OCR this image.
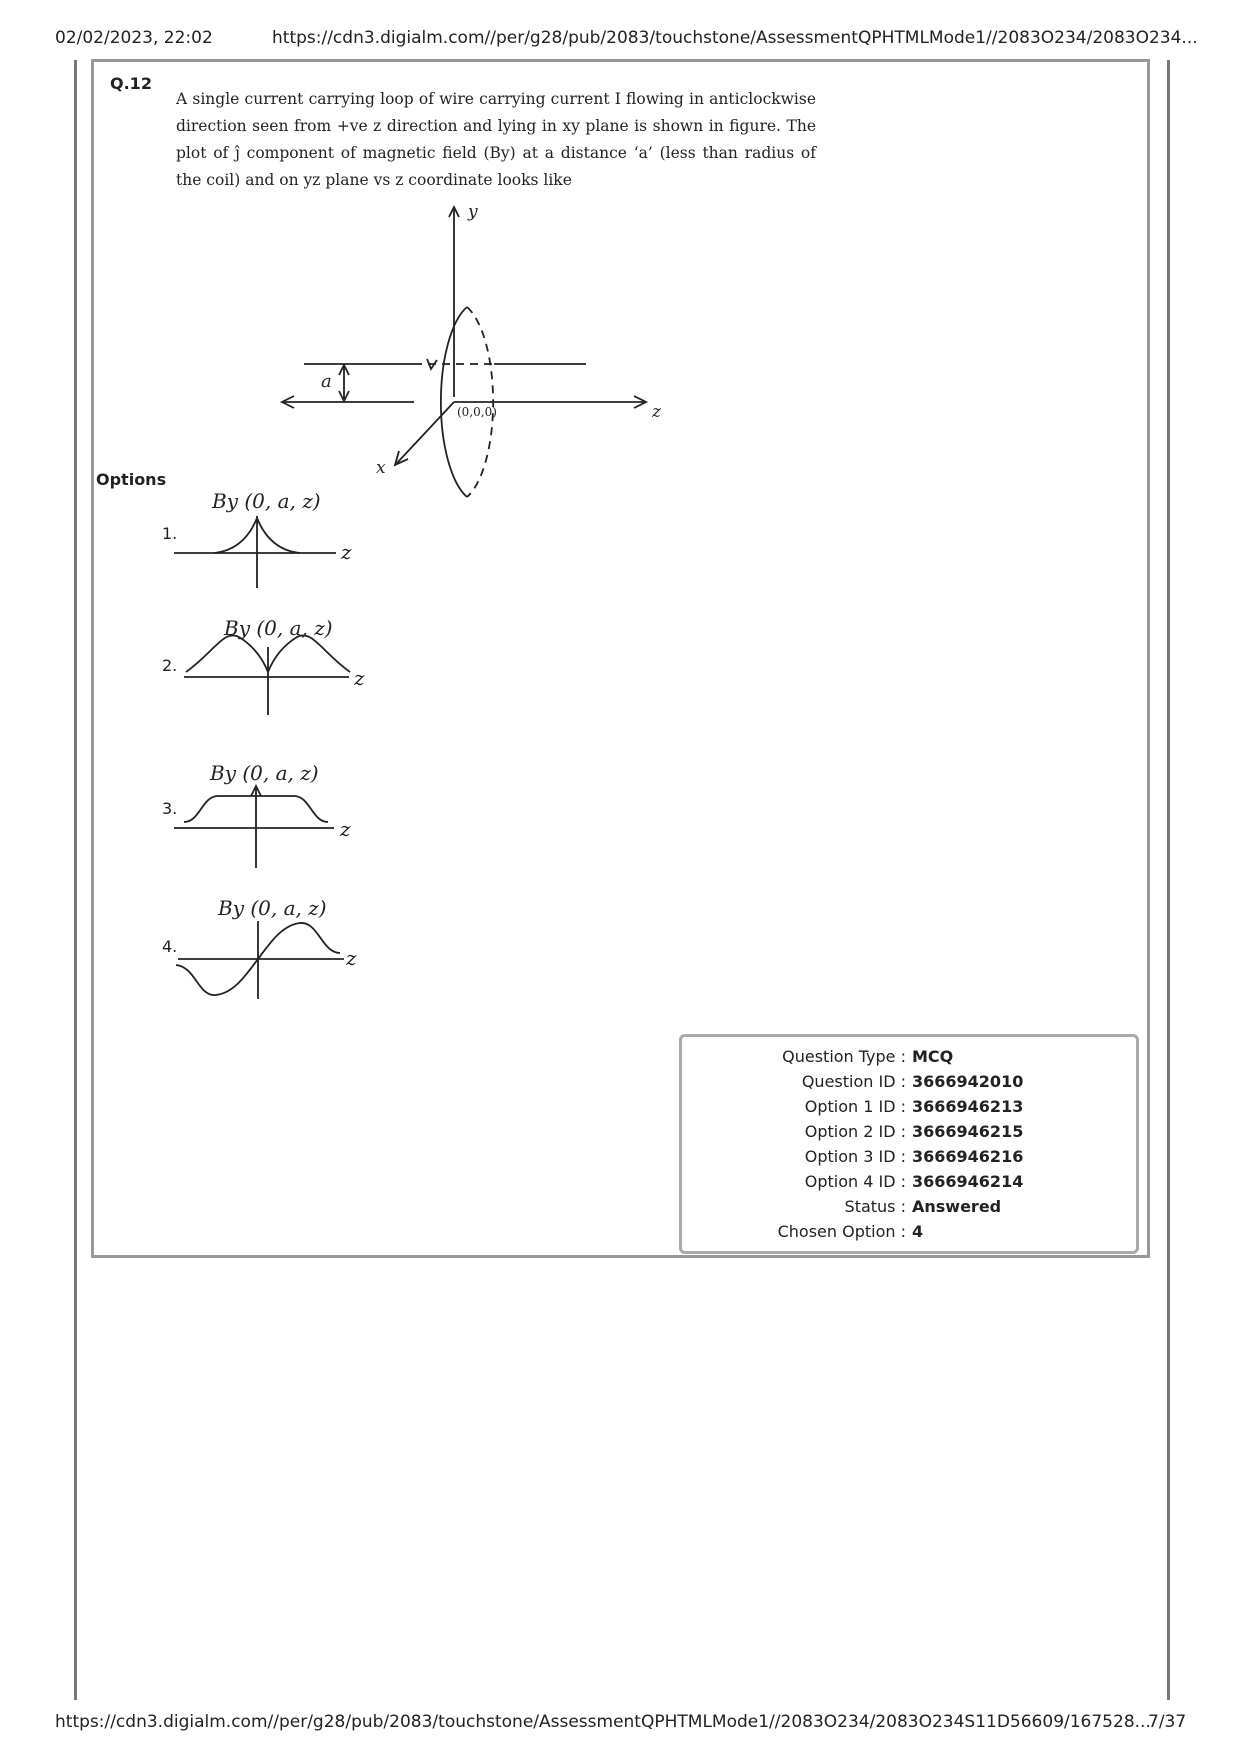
02/02/2023, 22:02	https://cdn3.digialm.com//per/g28/pub/2083/touchstone/AssessmentQPHTMLMode1//2083O234/2083O234...
Q.12
A single current carrying loop of wire carrying current I flowing in anticlockwise direction seen from +ve z direction and lying in xy plane is shown in figure. The plot of ĵ component of magnetic field (By) at a distance ‘a’ (less than radius of the coil) and on yz plane vs z coordinate looks like
y
z
x
a
(0,0,0)
Options
1.
By (0, a, z)
z
2.
By (0, a, z)
z
3.
By (0, a, z)
z
4.
By (0, a, z)
z
Question Type : MCQ
Question ID : 3666942010
Option 1 ID : 3666946213
Option 2 ID : 3666946215
Option 3 ID : 3666946216
Option 4 ID : 3666946214
Status : Answered
Chosen Option : 4
https://cdn3.digialm.com//per/g28/pub/2083/touchstone/AssessmentQPHTMLMode1//2083O234/2083O234S11D56609/167528...
7/37
